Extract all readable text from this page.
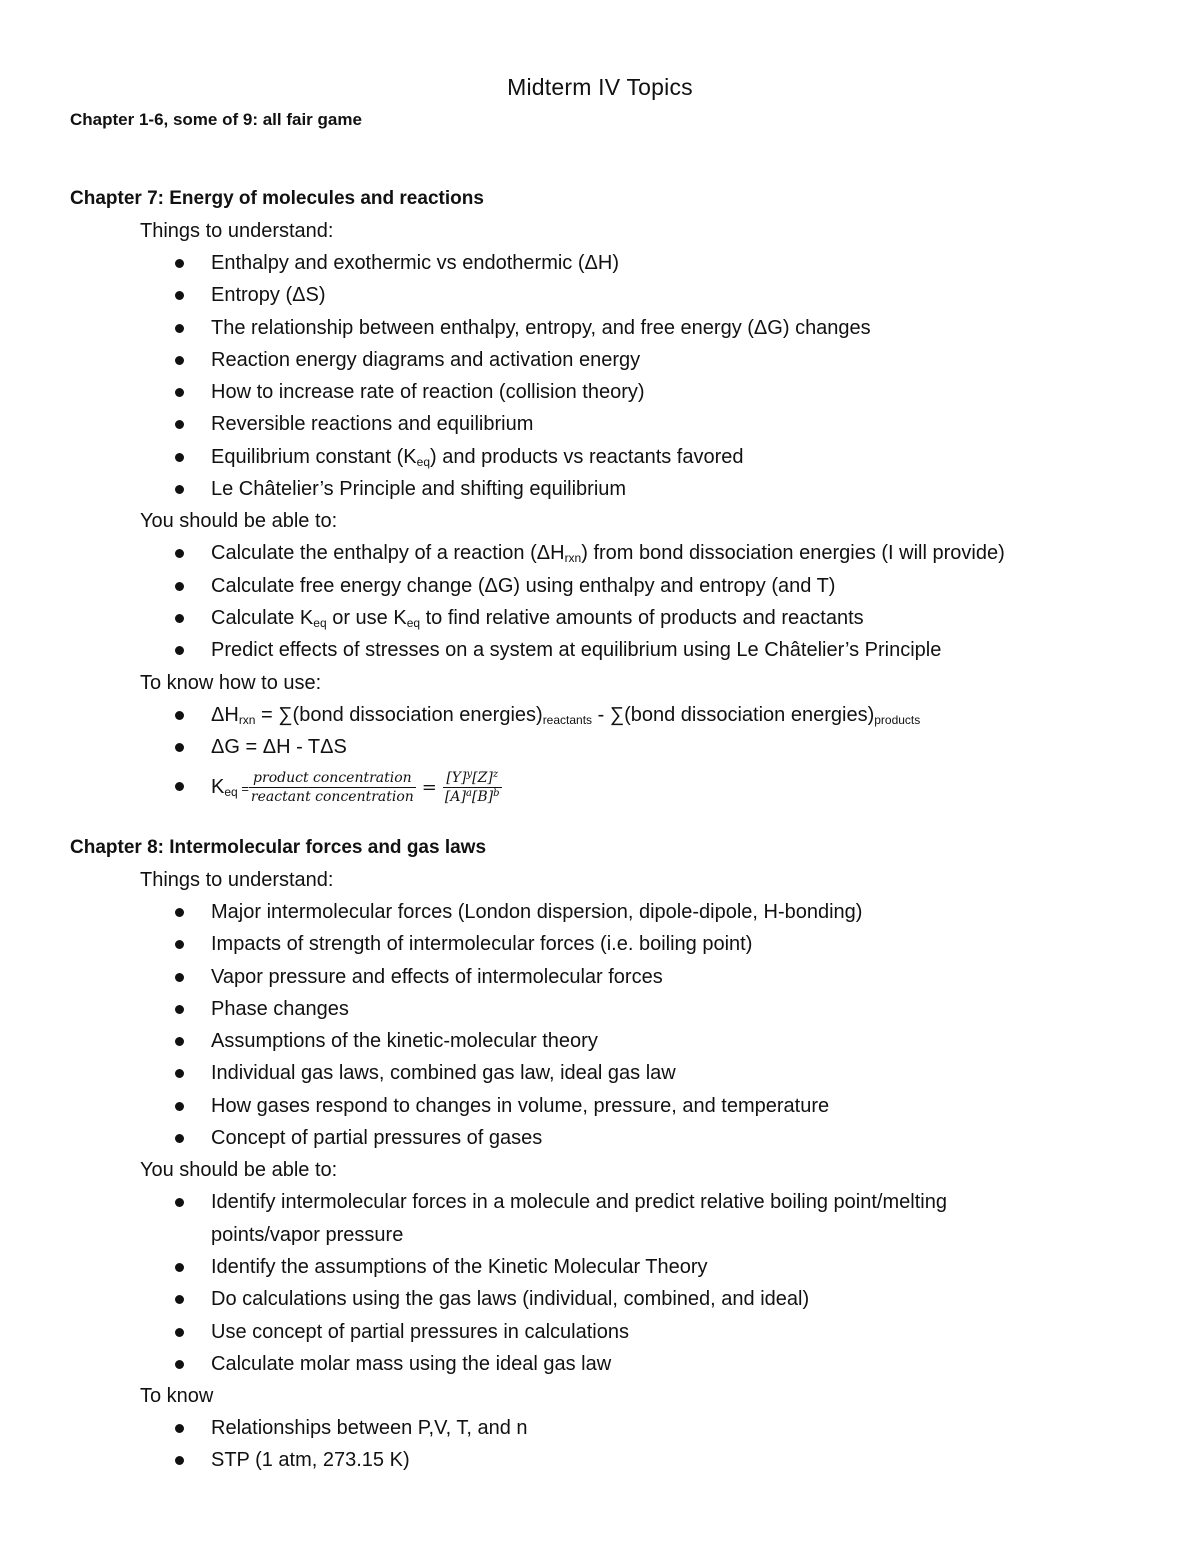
Midterm IV Topics
Chapter 1-6, some of 9: all fair game
Chapter 7: Energy of molecules and reactions
Things to understand:
Enthalpy and exothermic vs endothermic (ΔH)
Entropy (ΔS)
The relationship between enthalpy, entropy, and free energy (ΔG) changes
Reaction energy diagrams and activation energy
How to increase rate of reaction (collision theory)
Reversible reactions and equilibrium
Equilibrium constant $(K_{eq})$ and products vs reactants favored
Le Châtelier’s Principle and shifting equilibrium
You should be able to:
Calculate the enthalpy of a reaction $(\Delta H_{rxn})$ from bond dissociation energies (I will provide)
Calculate free energy change (ΔG) using enthalpy and entropy (and T)
Calculate $K_{eq}$ or use $K_{eq}$ to find relative amounts of products and reactants
Predict effects of stresses on a system at equilibrium using Le Châtelier’s Principle
To know how to use:
$\Delta H_{rxn}$ = ∑(bond dissociation $energies)_{reactants}$ - ∑(bond dissociation $energies)_{products}$
ΔG = ΔH - TΔS
$K_{eq} = \frac{\text{product concentration}}{\text{reactant concentration}} = \frac{[Y]^y[Z]^z}{[A]^a[B]^b}$
Chapter 8: Intermolecular forces and gas laws
Things to understand:
Major intermolecular forces (London dispersion, dipole-dipole, H-bonding)
Impacts of strength of intermolecular forces (i.e. boiling point)
Vapor pressure and effects of intermolecular forces
Phase changes
Assumptions of the kinetic-molecular theory
Individual gas laws, combined gas law, ideal gas law
How gases respond to changes in volume, pressure, and temperature
Concept of partial pressures of gases
You should be able to:
Identify intermolecular forces in a molecule and predict relative boiling point/melting points/vapor pressure
Identify the assumptions of the Kinetic Molecular Theory
Do calculations using the gas laws (individual, combined, and ideal)
Use concept of partial pressures in calculations
Calculate molar mass using the ideal gas law
To know
Relationships between P,V, T, and n
STP (1 atm, 273.15 K)
